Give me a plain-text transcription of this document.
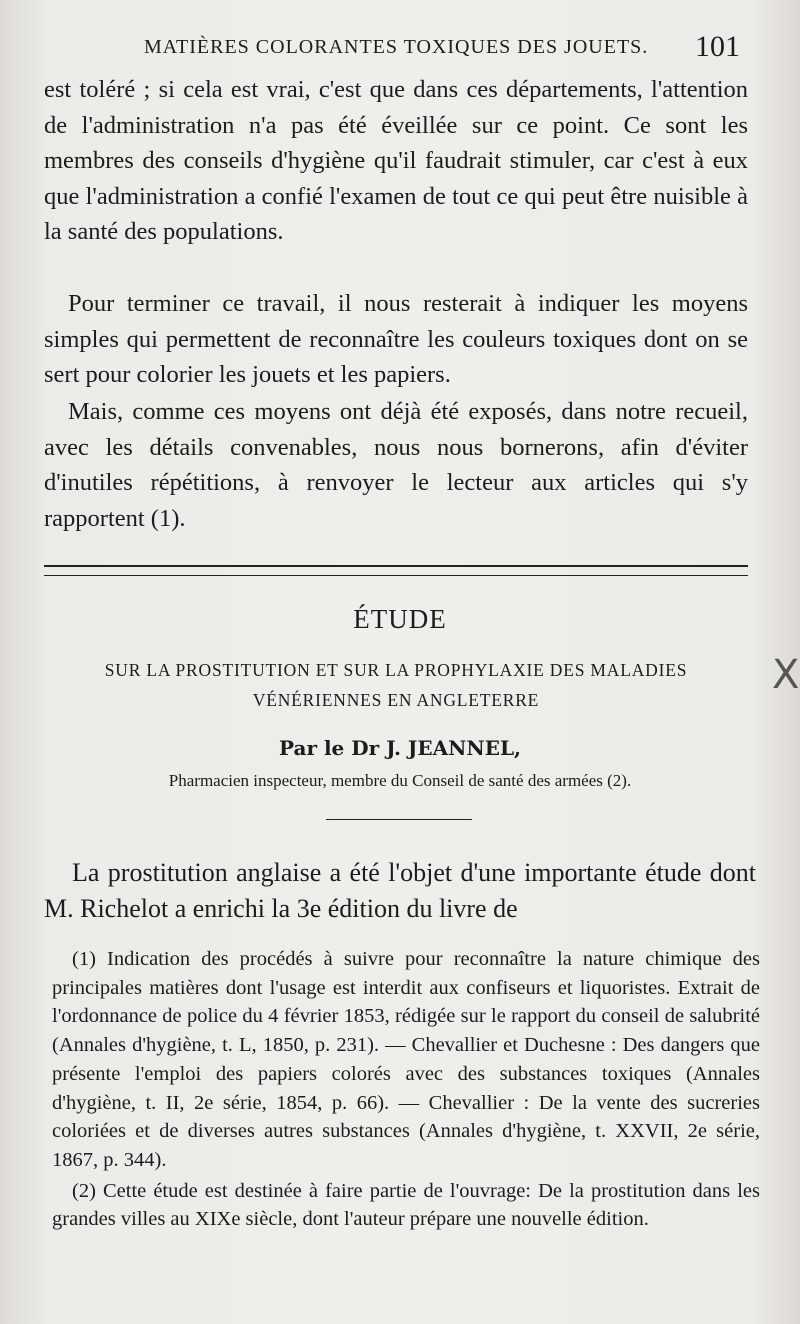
MATIÈRES COLORANTES TOXIQUES DES JOUETS. 101
est toléré ; si cela est vrai, c'est que dans ces départements, l'attention de l'administration n'a pas été éveillée sur ce point. Ce sont les membres des conseils d'hygiène qu'il faudrait stimuler, car c'est à eux que l'administration a confié l'examen de tout ce qui peut être nuisible à la santé des populations.
Pour terminer ce travail, il nous resterait à indiquer les moyens simples qui permettent de reconnaître les couleurs toxiques dont on se sert pour colorier les jouets et les papiers.
Mais, comme ces moyens ont déjà été exposés, dans notre recueil, avec les détails convenables, nous nous bornerons, afin d'éviter d'inutiles répétitions, à renvoyer le lecteur aux articles qui s'y rapportent (1).
ÉTUDE
SUR LA PROSTITUTION ET SUR LA PROPHYLAXIE DES MALADIES VÉNÉRIENNES EN ANGLETERRE
Par le Dr J. JEANNEL,
Pharmacien inspecteur, membre du Conseil de santé des armées (2).
La prostitution anglaise a été l'objet d'une importante étude dont M. Richelot a enrichi la 3e édition du livre de
(1) Indication des procédés à suivre pour reconnaître la nature chimique des principales matières dont l'usage est interdit aux confiseurs et liquoristes. Extrait de l'ordonnance de police du 4 février 1853, rédigée sur le rapport du conseil de salubrité (Annales d'hygiène, t. L, 1850, p. 231). — Chevallier et Duchesne : Des dangers que présente l'emploi des papiers colorés avec des substances toxiques (Annales d'hygiène, t. II, 2e série, 1854, p. 66). — Chevallier : De la vente des sucreries coloriées et de diverses autres substances (Annales d'hygiène, t. XXVII, 2e série, 1867, p. 344).
(2) Cette étude est destinée à faire partie de l'ouvrage: De la prostitution dans les grandes villes au XIXe siècle, dont l'auteur prépare une nouvelle édition.
X
